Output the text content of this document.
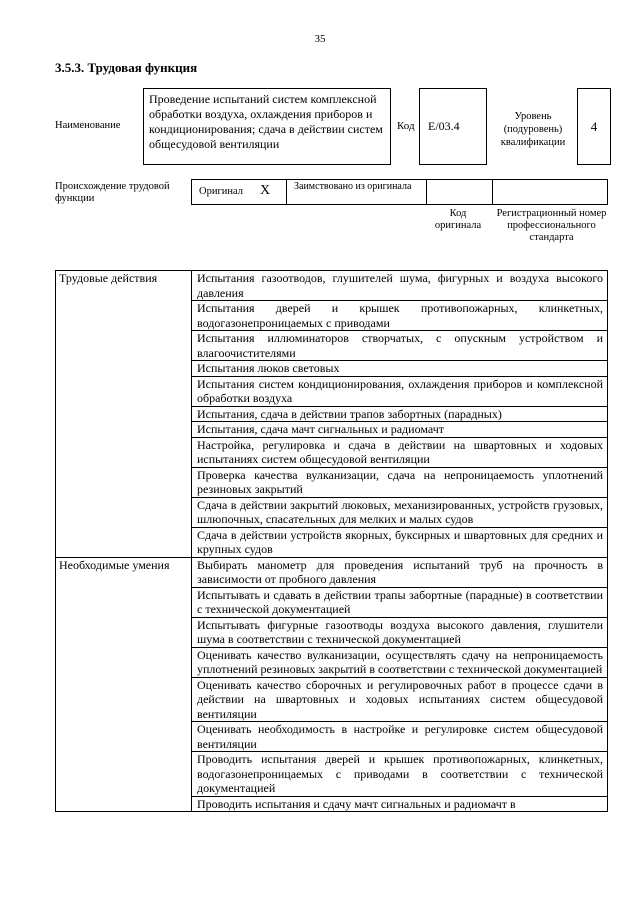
35
3.5.3. Трудовая функция
Наименование
Проведение испытаний систем комплексной обработки воздуха, охлаждения приборов и кондиционирования; сдача в действии систем общесудовой вентиляции
Код E/03.4
Уровень (подуровень) квалификации
4
Происхождение трудовой функции
Оригинал X Заимствовано из оригинала
Код оригинала
Регистрационный номер профессионального стандарта
Трудовые действия	Испытания газоотводов, глушителей шума, фигурных и воздуха высокого давления
	Испытания дверей и крышек противопожарных, клинкетных, водогазонепроницаемых с приводами
	Испытания иллюминаторов створчатых, с опускным устройством и влагоочистителями
	Испытания люков световых
	Испытания систем кондиционирования, охлаждения приборов и комплексной обработки воздуха
	Испытания, сдача в действии трапов забортных (парадных)
	Испытания, сдача мачт сигнальных и радиомачт
	Настройка, регулировка и сдача в действии на швартовных и ходовых испытаниях систем общесудовой вентиляции
	Проверка качества вулканизации, сдача на непроницаемость уплотнений резиновых закрытий
	Сдача в действии закрытий люковых, механизированных, устройств грузовых, шлюпочных, спасательных для мелких и малых судов
	Сдача в действии устройств якорных, буксирных и швартовных для средних и крупных судов
Необходимые умения	Выбирать манометр для проведения испытаний труб на прочность в зависимости от пробного давления
	Испытывать и сдавать в действии трапы забортные (парадные) в соответствии с технической документацией
	Испытывать фигурные газоотводы воздуха высокого давления, глушители шума в соответствии с технической документацией
	Оценивать качество вулканизации, осуществлять сдачу на непроницаемость уплотнений резиновых закрытий в соответствии с технической документацией
	Оценивать качество сборочных и регулировочных работ в процессе сдачи в действии на швартовных и ходовых испытаниях систем общесудовой вентиляции
	Оценивать необходимость в настройке и регулировке систем общесудовой вентиляции
	Проводить испытания дверей и крышек противопожарных, клинкетных, водогазонепроницаемых с приводами в соответствии с технической документацией
	Проводить испытания и сдачу мачт сигнальных и радиомачт в
